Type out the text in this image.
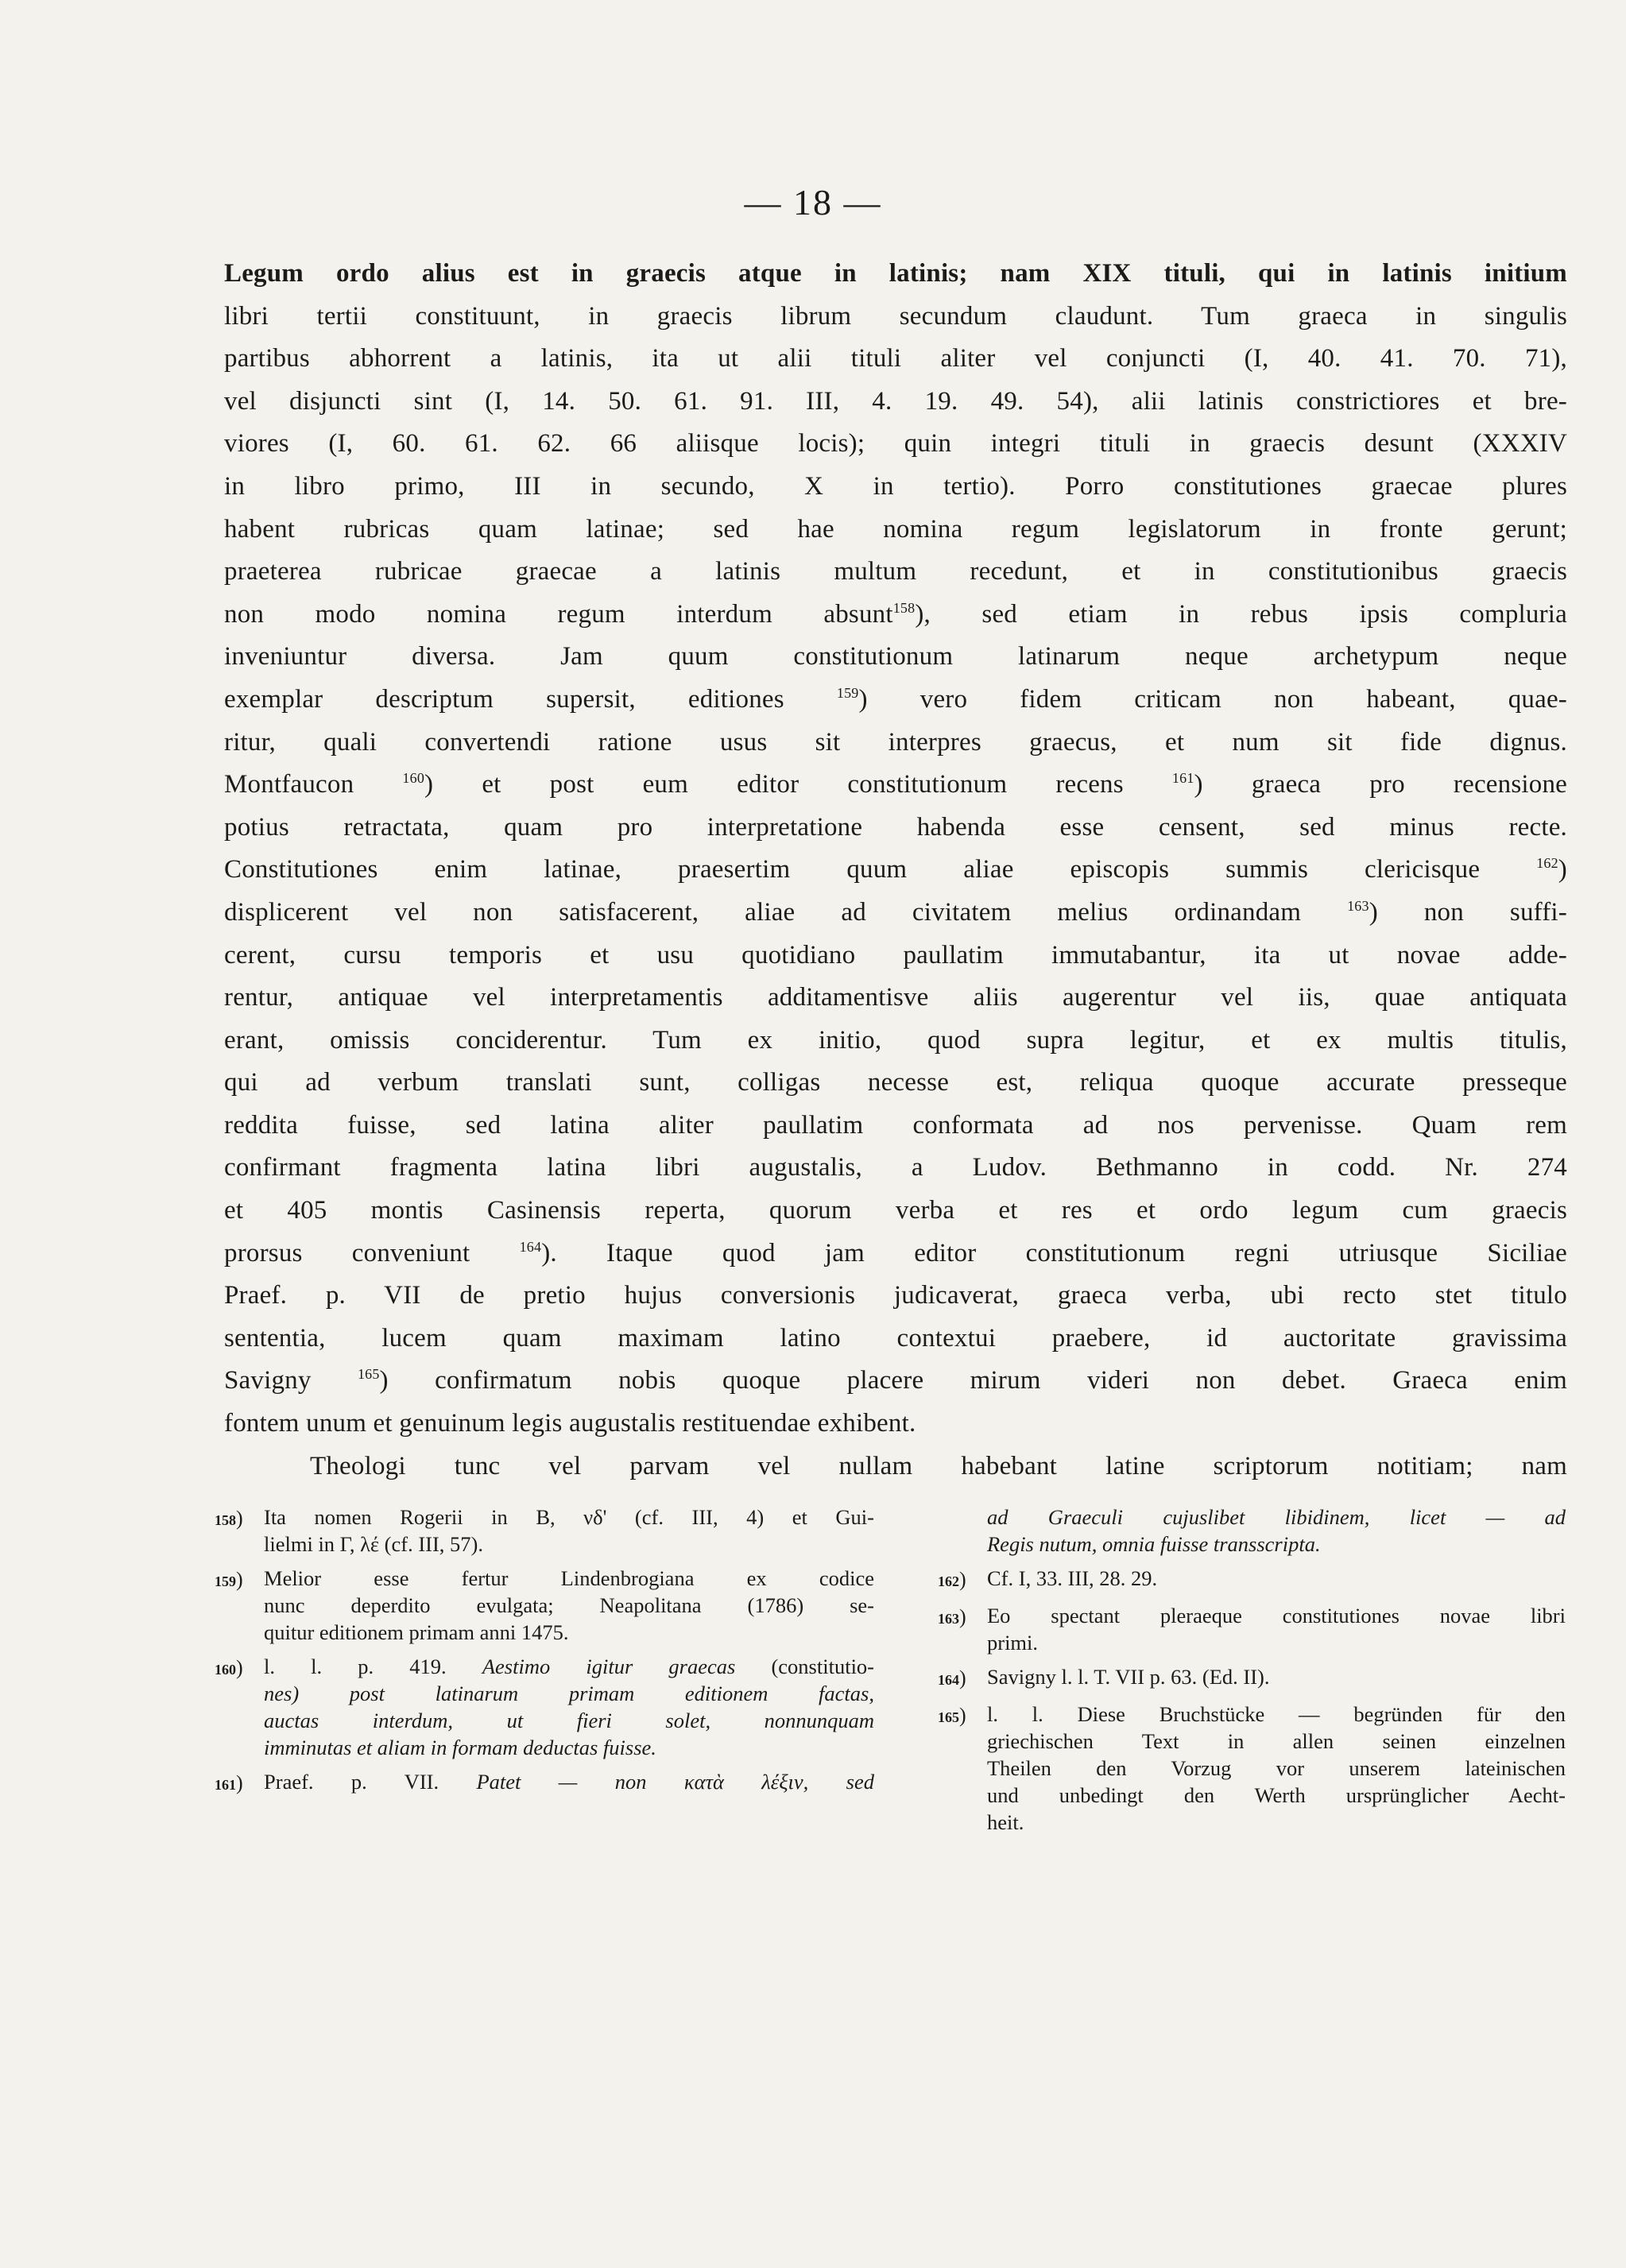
— 18 —
Legum ordo alius est in graecis atque in latinis; nam XIX tituli, qui in latinis initium
libri tertii constituunt, in graecis librum secundum claudunt. Tum graeca in singulis
partibus abhorrent a latinis, ita ut alii tituli aliter vel conjuncti (I, 40. 41. 70. 71),
vel disjuncti sint (I, 14. 50. 61. 91. III, 4. 19. 49. 54), alii latinis constrictiores et bre-
viores (I, 60. 61. 62. 66 aliisque locis); quin integri tituli in graecis desunt (XXXIV
in libro primo, III in secundo, X in tertio). Porro constitutiones graecae plures
habent rubricas quam latinae; sed hae nomina regum legislatorum in fronte gerunt;
praeterea rubricae graecae a latinis multum recedunt, et in constitutionibus graecis
non modo nomina regum interdum absunt$^{158}$), sed etiam in rebus ipsis compluria
inveniuntur diversa. Jam quum constitutionum latinarum neque archetypum neque
exemplar descriptum supersit, editiones	$^{159}$) vero fidem criticam non habeant, quae-
ritur, quali convertendi ratione usus sit interpres graecus, et num sit fide dignus.
Montfaucon	$^{160}$) et post eum editor constitutionum recens	$^{161}$) graeca pro recensione
potius retractata, quam pro interpretatione habenda esse censent, sed minus recte.
Constitutiones enim latinae, praesertim quum aliae episcopis summis clericisque	$^{162}$)
displicerent vel non satisfacerent, aliae ad civitatem melius ordinandam	$^{163}$) non suffi-
cerent, cursu temporis et usu quotidiano paullatim immutabantur, ita ut novae adde-
rentur, antiquae vel interpretamentis additamentisve aliis augerentur vel iis, quae antiquata
erant, omissis conciderentur. Tum ex initio, quod supra legitur, et ex multis titulis,
qui ad verbum translati sunt, colligas necesse est, reliqua quoque accurate presseque
reddita fuisse, sed latina aliter paullatim conformata ad nos pervenisse. Quam rem
confirmant fragmenta latina libri augustalis, a Ludov. Bethmanno in codd. Nr. 274
et 405 montis Casinensis reperta, quorum verba et res et ordo legum cum graecis
prorsus conveniunt	$^{164}$). Itaque quod jam editor constitutionum regni utriusque Siciliae
Praef. p. VII de pretio hujus conversionis judicaverat, graeca verba, ubi recto stet titulo
sententia, lucem quam maximam latino contextui praebere, id auctoritate gravissima
Savigny	$^{165}$) confirmatum nobis quoque placere mirum videri non debet. Graeca enim
fontem unum et genuinum legis augustalis restituendae exhibent.
Theologi tunc vel parvam vel nullam habebant latine scriptorum notitiam; nam
158) Ita nomen Rogerii in B, νδ' (cf. III, 4) et Gui-
lielmi in Γ, λέ (cf. III, 57).
159) Melior esse fertur Lindenbrogiana ex codice
nunc deperdito evulgata; Neapolitana (1786) se-
quitur editionem primam anni 1475.
160) l. l. p. 419. Aestimo igitur graecas (constitutio-
nes) post latinarum primam editionem factas,
auctas interdum, ut fieri solet, nonnunquam
imminutas et aliam in formam deductas fuisse.
161) Praef. p. VII. Patet — non κατὰ λέξιν, sed
ad Graeculi cujuslibet libidinem, licet — ad
Regis nutum, omnia fuisse transscripta.
162) Cf. I, 33. III, 28. 29.
163) Eo spectant pleraeque constitutiones novae libri
primi.
164) Savigny l. l. T. VII p. 63. (Ed. II).
165) l. l. Diese Bruchstücke — begründen für den
griechischen Text in allen seinen einzelnen
Theilen den Vorzug vor unserem lateinischen
und unbedingt den Werth ursprünglicher Aecht-
heit.
